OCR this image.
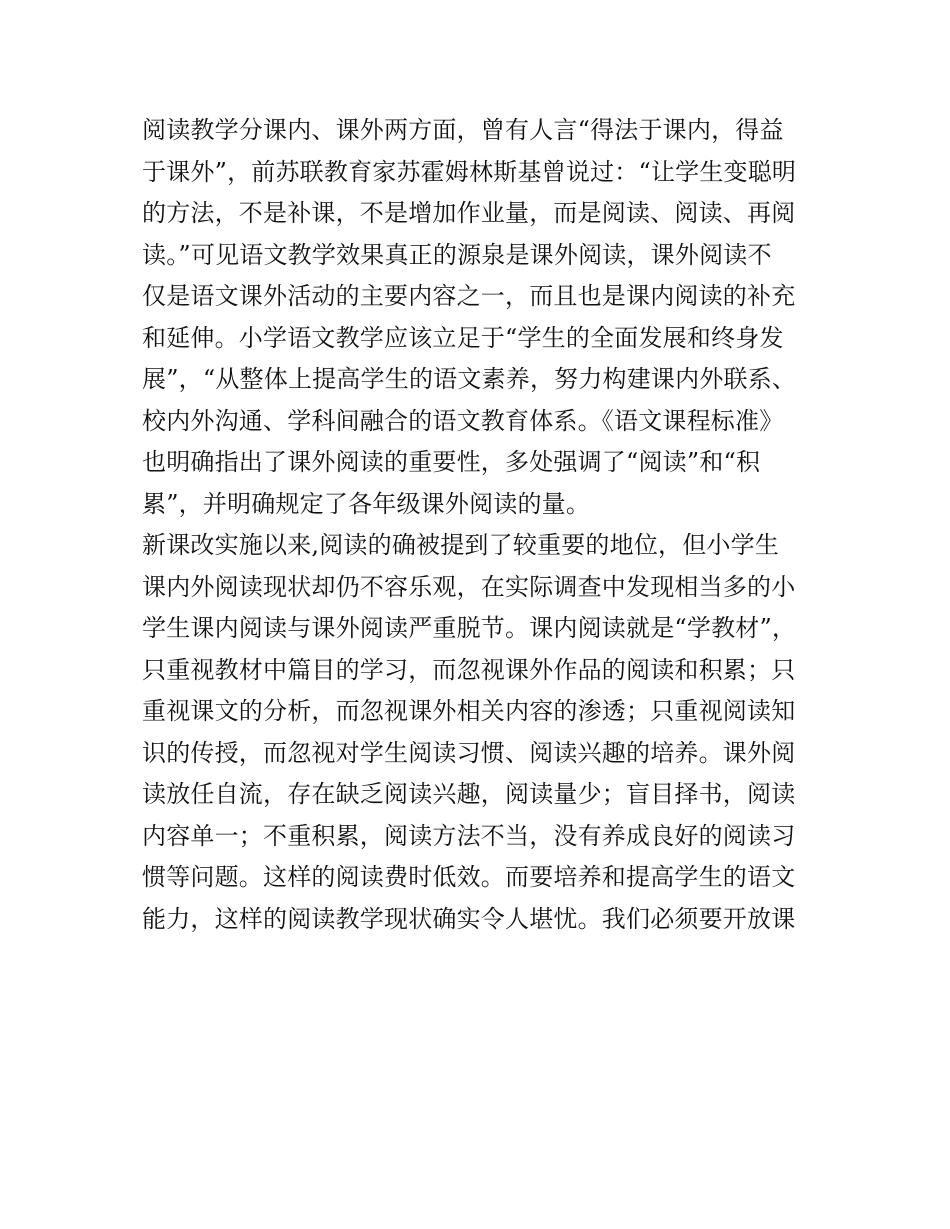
阅读教学分课内、课外两方面，曾有人言“得法于课内，得益
于课外”，前苏联教育家苏霍姆林斯基曾说过：“让学生变聪明
的方法，不是补课，不是增加作业量，而是阅读、阅读、再阅
读。”可见语文教学效果真正的源泉是课外阅读，课外阅读不
仅是语文课外活动的主要内容之一，而且也是课内阅读的补充
和延伸。小学语文教学应该立足于“学生的全面发展和终身发
展”，“从整体上提高学生的语文素养，努力构建课内外联系、
校内外沟通、学科间融合的语文教育体系。《语文课程标准》
也明确指出了课外阅读的重要性，多处强调了“阅读”和“积
累”，并明确规定了各年级课外阅读的量。
新课改实施以来,阅读的确被提到了较重要的地位，但小学生
课内外阅读现状却仍不容乐观，在实际调查中发现相当多的小
学生课内阅读与课外阅读严重脱节。课内阅读就是“学教材”，
只重视教材中篇目的学习，而忽视课外作品的阅读和积累；只
重视课文的分析，而忽视课外相关内容的渗透；只重视阅读知
识的传授，而忽视对学生阅读习惯、阅读兴趣的培养。课外阅
读放任自流，存在缺乏阅读兴趣，阅读量少；盲目择书，阅读
内容单一；不重积累，阅读方法不当，没有养成良好的阅读习
惯等问题。这样的阅读费时低效。而要培养和提高学生的语文
能力，这样的阅读教学现状确实令人堪忧。我们必须要开放课
